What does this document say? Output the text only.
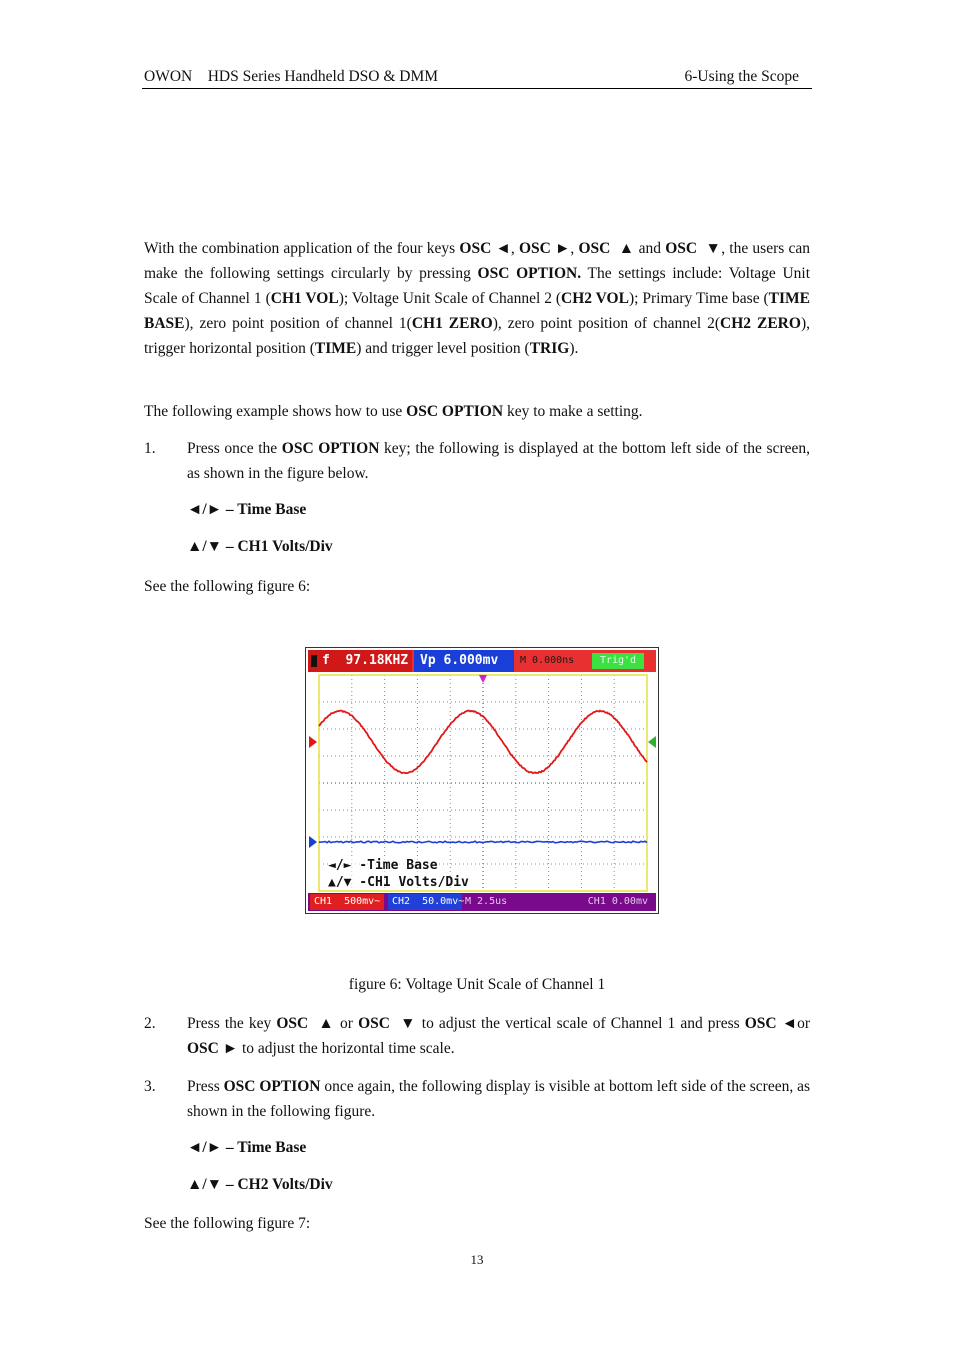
OWON    HDS Series Handheld DSO & DMM	6-Using the Scope
With the combination application of the four keys OSC ◄, OSC ►, OSC  ▲ and OSC  ▼, the users can make the following settings circularly by pressing OSC OPTION. The settings include: Voltage Unit Scale of Channel 1 (CH1 VOL); Voltage Unit Scale of Channel 2 (CH2 VOL); Primary Time base (TIME BASE), zero point position of channel 1(CH1 ZERO), zero point position of channel 2(CH2 ZERO), trigger horizontal position (TIME) and trigger level position (TRIG).
The following example shows how to use OSC OPTION key to make a setting.
1. Press once the OSC OPTION key; the following is displayed at the bottom left side of the screen, as shown in the figure below.
◄/► – Time Base
▲/▼ – CH1 Volts/Div
See the following figure 6:
f  97.18KHZ Vp 6.000mv	M 0.000ns	Trig'd
◄/► -Time Base
▲/▼ -CH1 Volts/Div
CH1  500mv~	CH2  50.0mv~ M 2.5us	CH1 0.00mv
figure 6: Voltage Unit Scale of Channel 1
2. Press the key OSC  ▲ or OSC  ▼ to adjust the vertical scale of Channel 1 and press OSC ◄or OSC ► to adjust the horizontal time scale.
3. Press OSC OPTION once again, the following display is visible at bottom left side of the screen, as shown in the following figure.
◄/► – Time Base
▲/▼ – CH2 Volts/Div
See the following figure 7:
13
